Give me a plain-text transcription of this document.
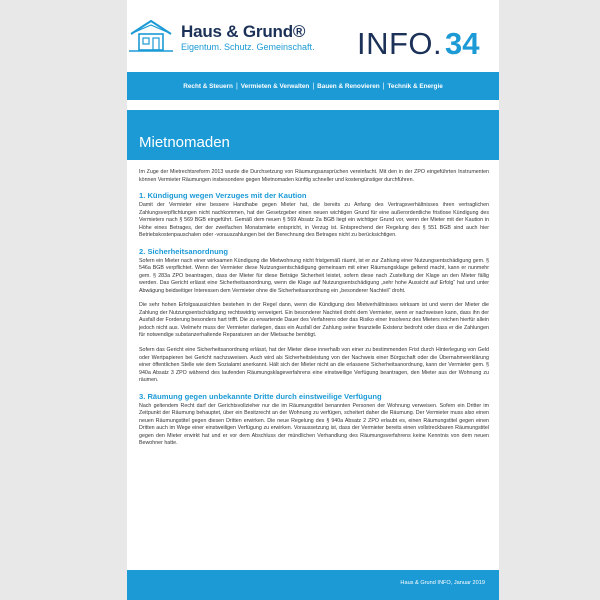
Haus & Grund®
Eigentum. Schutz. Gemeinschaft. INFO. 34
Recht & Steuern | Vermieten & Verwalten | Bauen & Renovieren | Technik & Energie
Mietnomaden

Im Zuge der Mietrechtsreform 2013 wurde die Durchsetzung von Räumungsansprüchen vereinfacht. Mit den in der ZPO eingeführten Instrumenten können Vermieter Räumungen insbesondere gegen Mietnomaden künftig schneller und kostengünstiger durchführen.

1. Kündigung wegen Verzuges mit der Kaution

Damit der Vermieter eine bessere Handhabe gegen Mieter hat, die bereits zu Anfang des Vertragsverhältnisses ihren vertraglichen Zahlungsverpflichtungen nicht nachkommen, hat der Gesetzgeber einen neuen wichtigen Grund für eine außerordentliche fristlose Kündigung des Vermieters nach § 569 BGB eingeführt. Gemäß dem neuen § 569 Absatz 2a BGB liegt ein wichtiger Grund vor, wenn der Mieter mit der Kaution in Höhe eines Betrages, der der zweifachen Monatsmiete entspricht, in Verzug ist. Entsprechend der Regelung des § 551 BGB sind auch hier Betriebskostenpauschalen oder -vorauszahlungen bei der Berechnung des Betrages nicht zu berücksichtigen.

2. Sicherheitsanordnung

Sofern ein Mieter nach einer wirksamen Kündigung die Mietwohnung nicht fristgemäß räumt, ist er zur Zahlung einer Nutzungsentschädigung gem. § 546a BGB verpflichtet. Wenn der Vermieter diese Nutzungsentschädigung gemeinsam mit einer Räumungsklage geltend macht, kann er nunmehr gem. § 283a ZPO beantragen, dass der Mieter für diese Beträge Sicherheit leistet, sofern diese nach Zustellung der Klage an den Mieter fällig werden. Das Gericht erlässt eine Sicherheitsanordnung, wenn die Klage auf Nutzungsentschädigung „sehr hohe Aussicht auf Erfolg“ hat und unter Abwägung beidseitiger Interessen dem Vermieter ohne die Sicherheitsanordnung ein „besonderer Nachteil“ droht.

Die sehr hohen Erfolgsaussichten bestehen in der Regel dann, wenn die Kündigung des Mietverhältnisses wirksam ist und wenn der Mieter die Zahlung der Nutzungsentschädigung rechtswidrig verweigert. Ein besonderer Nachteil droht dem Vermieter, wenn er nachweisen kann, dass ihn der Ausfall der Forderung besonders hart trifft. Die zu erwartende Dauer des Verfahrens oder das Risiko einer Insolvenz des Mieters reichen hierfür allein jedoch nicht aus. Vielmehr muss der Vermieter darlegen, dass ein Ausfall der Zahlung seine finanzielle Existenz bedroht oder dass er die Zahlungen für notwendige substanzerhaltende Reparaturen an der Mietsache benötigt.

Sofern das Gericht eine Sicherheitsanordnung erlässt, hat der Mieter diese innerhalb von einer zu bestimmenden Frist durch Hinterlegung von Geld oder Wertpapieren bei Gericht nachzuweisen. Auch wird als Sicherheitsleistung von der Nachweis einer Bürgschaft oder die Übernahmeerklärung einer öffentlichen Stelle wie dem Sozialamt anerkannt. Hält sich der Mieter nicht an die erlassene Sicherheitsanordnung, kann der Vermieter gem. § 940a Absatz 3 ZPO während des laufenden Räumungsklageverfahrens eine einstweilige Verfügung beantragen, den Mieter aus der Wohnung zu räumen.

3. Räumung gegen unbekannte Dritte durch einstweilige Verfügung

Nach geltendem Recht darf der Gerichtsvollzieher nur die im Räumungstitel benannten Personen der Wohnung verweisen. Sofern ein Dritter im Zeitpunkt der Räumung behauptet, über ein Besitzrecht an der Wohnung zu verfügen, scheitert daher die Räumung. Der Vermieter muss also einen neuen Räumungstitel gegen diesen Dritten erwirken. Die neue Regelung des § 940a Absatz 2 ZPO erlaubt es, einen Räumungstitel gegen einen Dritten auch im Wege einer einstweiligen Verfügung zu erwirken. Voraussetzung ist, dass der Vermieter bereits einen vollstreckbaren Räumungstitel gegen den Mieter erwirkt hat und er vor dem Abschluss der mündlichen Verhandlung des Räumungsverfahrens keine Kenntnis von dem neuen Bewohner hatte.

Haus & Grund INFO, Januar 2019
